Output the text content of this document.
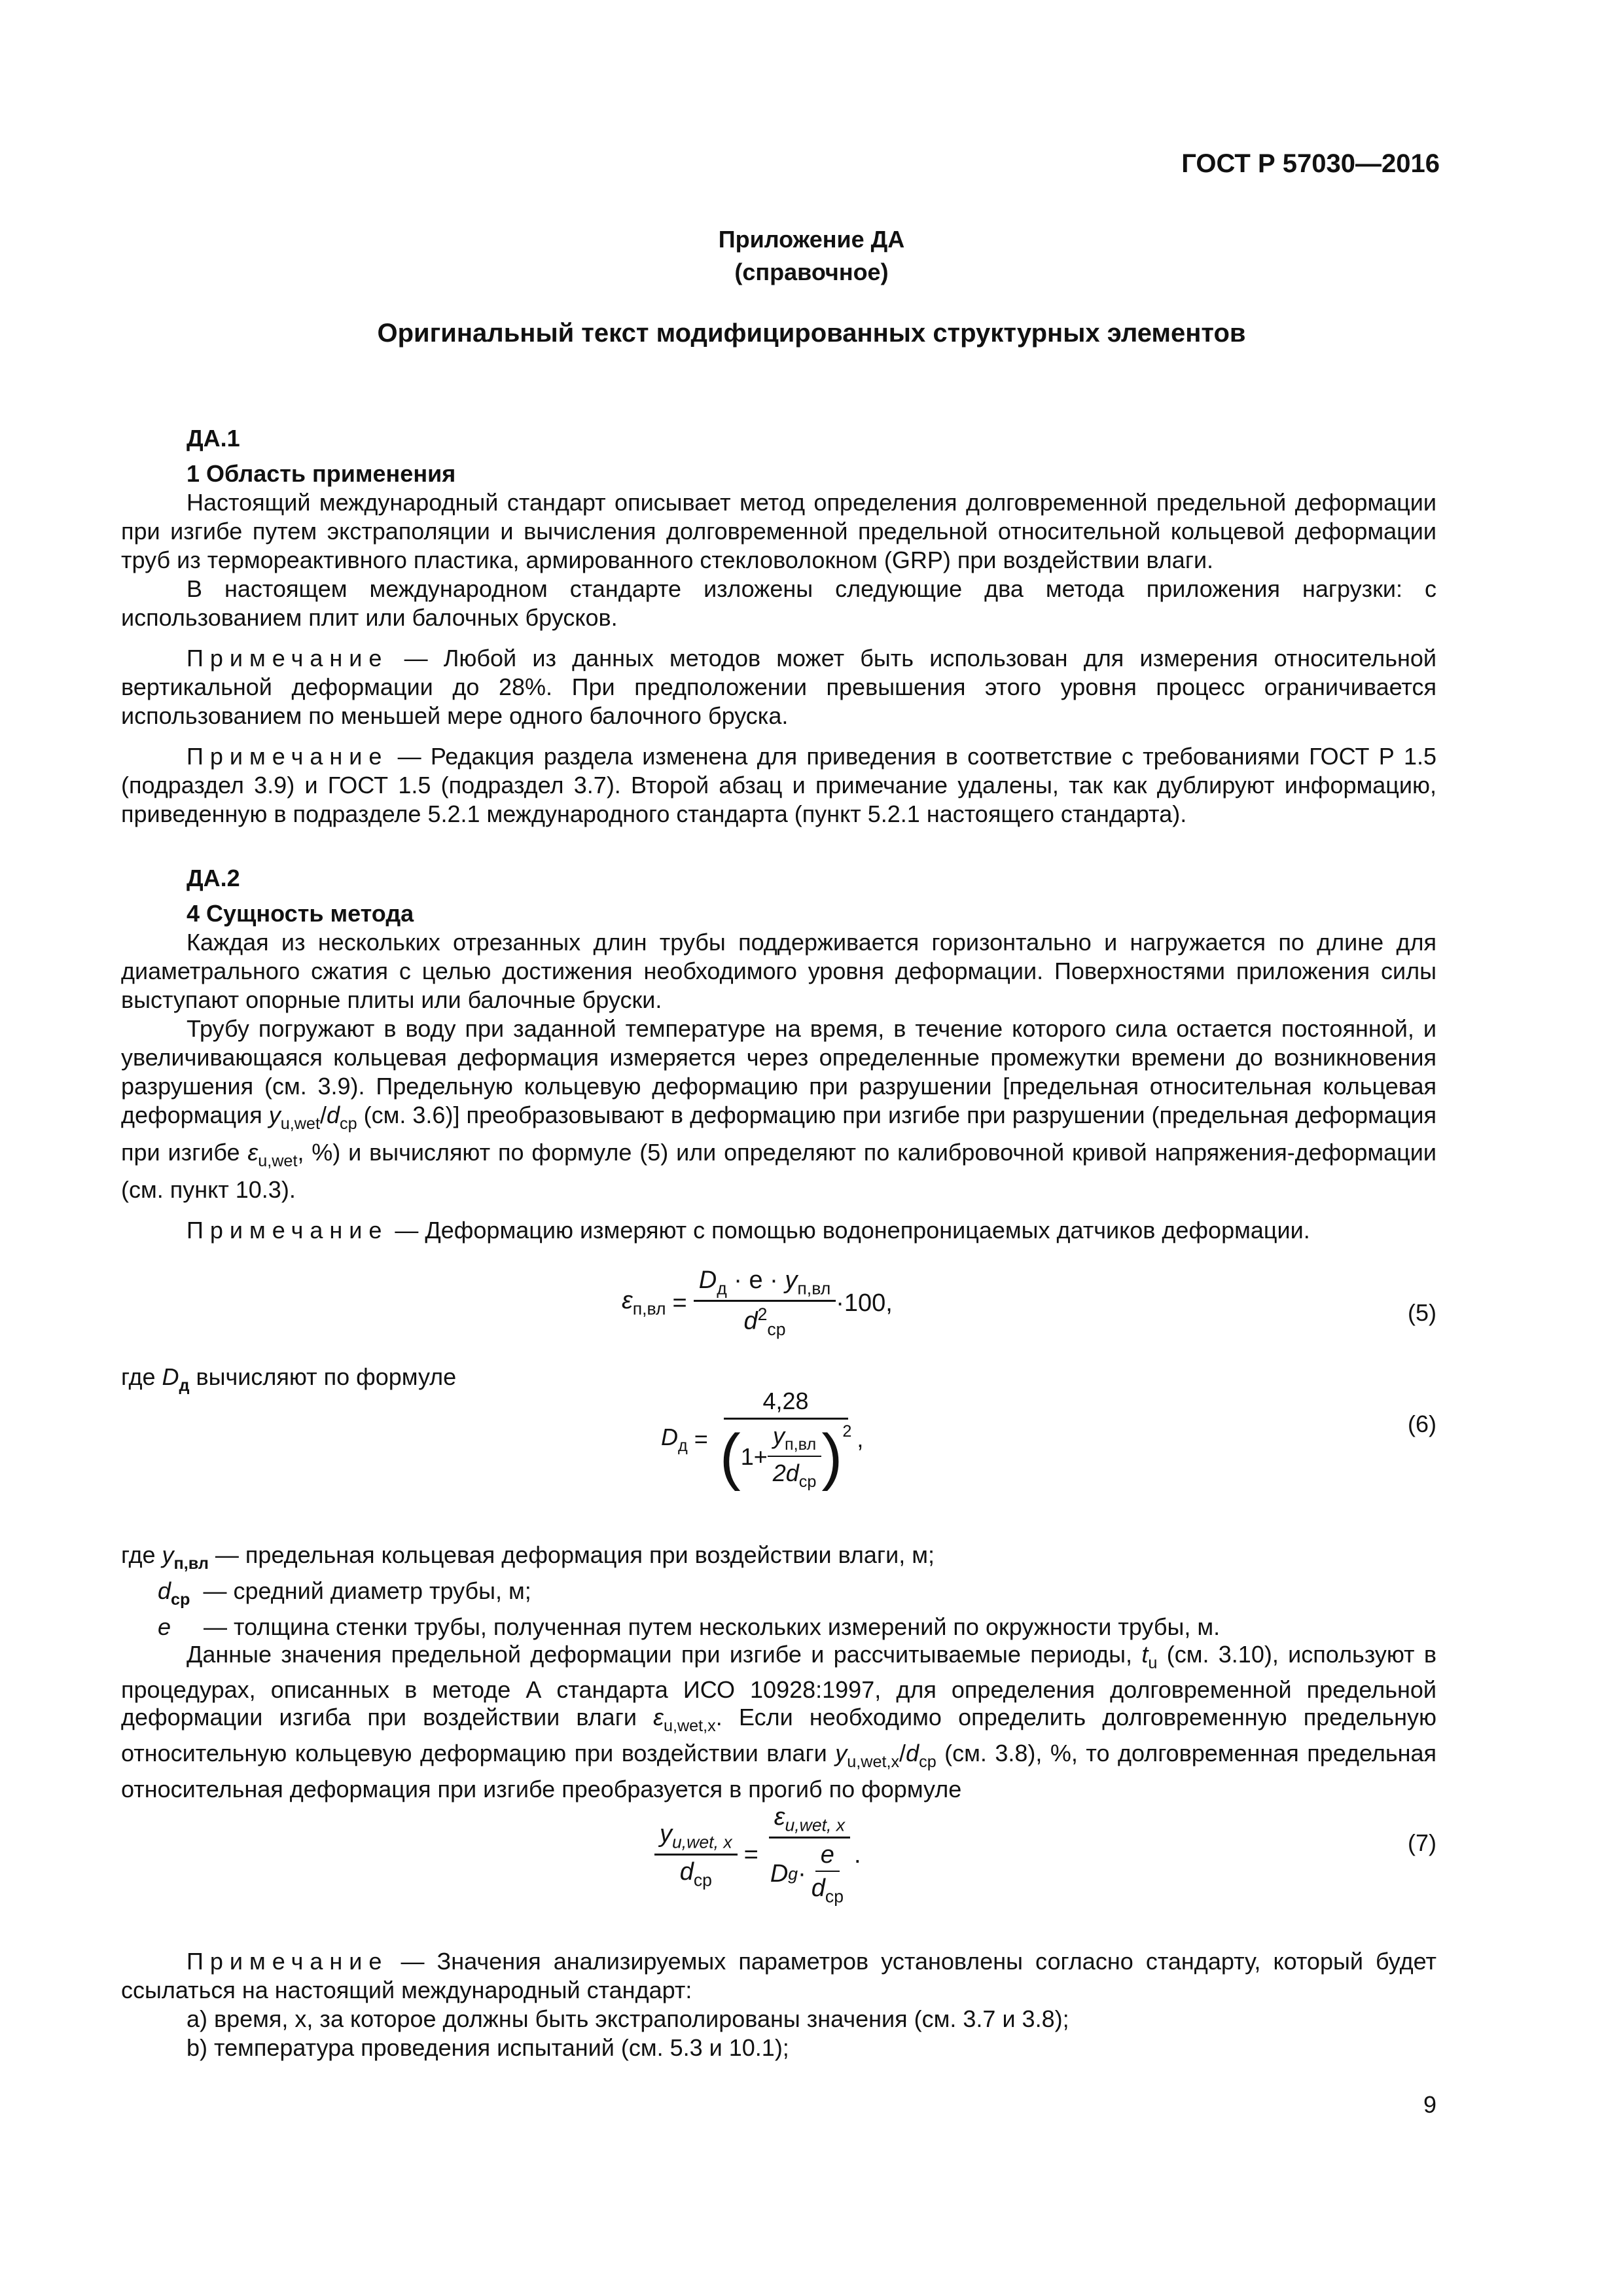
ГОСТ Р 57030—2016
Приложение ДА
(справочное)
Оригинальный текст модифицированных структурных элементов
ДА.1
1 Область применения

Настоящий международный стандарт описывает метод определения долговременной предельной деформации при изгибе путем экстраполяции и вычисления долговременной предельной относительной кольцевой деформации труб из термореактивного пластика, армированного стекловолокном (GRP) при воздействии влаги.

В настоящем международном стандарте изложены следующие два метода приложения нагрузки: с использованием плит или балочных брусков.

Примечание — Любой из данных методов может быть использован для измерения относительной вертикальной деформации до 28%. При предположении превышения этого уровня процесс ограничивается использованием по меньшей мере одного балочного бруска.

Примечание — Редакция раздела изменена для приведения в соответствие с требованиями ГОСТ Р 1.5 (подраздел 3.9) и ГОСТ 1.5 (подраздел 3.7). Второй абзац и примечание удалены, так как дублируют информацию, приведенную в подразделе 5.2.1 международного стандарта (пункт 5.2.1 настоящего стандарта).

ДА.2
4 Сущность метода

Каждая из нескольких отрезанных длин трубы поддерживается горизонтально и нагружается по длине для диаметрального сжатия с целью достижения необходимого уровня деформации. Поверхностями приложения силы выступают опорные плиты или балочные бруски.

Трубу погружают в воду при заданной температуре на время, в течение которого сила остается постоянной, и увеличивающаяся кольцевая деформация измеряется через определенные промежутки времени до возникновения разрушения (см. 3.9). Предельную кольцевую деформацию при разрушении [предельная относительная кольцевая деформация $y_{u,wet}/d_{ср}$ (см. 3.6)] преобразовывают в деформацию при изгибе при разрушении (предельная деформация при изгибе $\varepsilon_{u,wet}$, %) и вычисляют по формуле (5) или определяют по калибровочной кривой напряжения-деформации (см. пункт 10.3).

Примечание — Деформацию измеряют с помощью водонепроницаемых датчиков деформации.

$\varepsilon_{п,вл} = \frac{D_д \cdot e \cdot y_{п,вл}}{d^2_{ср}} \cdot 100$,	(5)
где $D_д$ вычисляют по формуле
$D_д$ =
4,28
( $1+ \frac{y_{п,вл}}{2d_{ср}} )^2$ ,
(6)
где $y_{п,вл}$ — предельная кольцевая деформация при воздействии влаги, м;
$d_{ср}$  — средний диаметр трубы, м;
e     — толщина стенки трубы, полученная путем нескольких измерений по окружности трубы, м.

Данные значения предельной деформации при изгибе и рассчитываемые периоды, $t_u$ (см. 3.10), используют в процедурах, описанных в методе А стандарта ИСО 10928:1997, для определения долговременной предельной деформации изгиба при воздействии влаги $\varepsilon_{u,wet,x}$. Если необходимо определить долговременную предельную относительную кольцевую деформацию при воздействии влаги $y_{u,wet,x}/d_{ср}$ (см. 3.8), %, то долговременная предельная относительная деформация при изгибе преобразуется в прогиб по формуле

$\frac{y_{u,wet, x}}{d_{ср}} = \frac{\varepsilon_{u,wet, x}}{D g \cdot \frac{e}{d_{ср}}}$ .	(7)

Примечание — Значения анализируемых параметров установлены согласно стандарту, который будет ссылаться на настоящий международный стандарт:

a) время, x, за которое должны быть экстраполированы значения (см. 3.7 и 3.8);
b) температура проведения испытаний (см. 5.3 и 10.1);
9
